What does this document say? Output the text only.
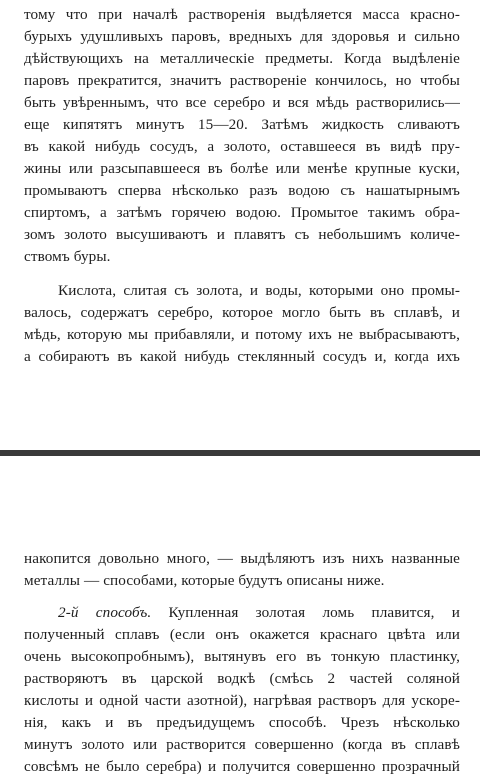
тому что при началѣ растворенія выдѣляется масса красно-
бурыхъ удушливыхъ паровъ, вредныхъ для здоровья и сильно
дѣйствующихъ на металлическіе предметы. Когда выдѣленіе
паровъ прекратится, значитъ раствореніе кончилось, но чтобы
быть увѣреннымъ, что все серебро и вся мѣдь растворились—
еще кипятятъ минутъ 15—20. Затѣмъ жидкость сливаютъ
въ какой нибудь сосудъ, а золото, оставшееся въ видѣ пру-
жины или разсыпавшееся въ болѣе или менѣе крупные куски,
промываютъ сперва нѣсколько разъ водою съ нашатырнымъ
спиртомъ, а затѣмъ горячею водою. Промытое такимъ обра-
зомъ золото высушиваютъ и плавятъ съ небольшимъ количе-
ствомъ буры.
Кислота, слитая съ золота, и воды, которыми оно промы-
валось, содержатъ серебро, которое могло быть въ сплавѣ, и
мѣдь, которую мы прибавляли, и потому ихъ не выбрасываютъ,
а собираютъ въ какой нибудь стеклянный сосудъ и, когда ихъ
накопится довольно много, — выдѣляютъ изъ нихъ названные
металлы — способами, которые будутъ описаны ниже.
2-й способъ. Купленная золотая ломь плавится, и
полученный сплавъ (если онъ окажется краснаго цвѣта или
очень высокопробнымъ), вытянувъ его въ тонкую пластинку,
растворяютъ въ царской водкѣ (смѣсь 2 частей соляной
кислоты и одной части азотной), нагрѣвая растворъ для ускоре-
нія, какъ и въ предъидущемъ способѣ. Чрезъ нѣсколько
минутъ золото или растворится совершенно (когда въ сплавѣ
совсѣмъ не было серебра) и получится совершенно прозрачный
